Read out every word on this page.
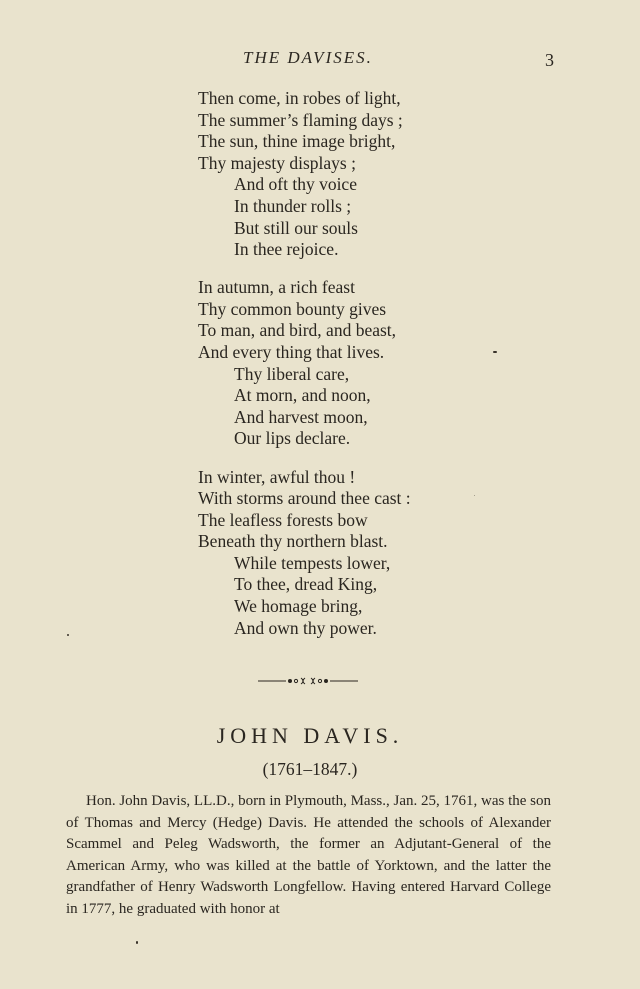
THE DAVISES.	3
Then come, in robes of light,
The summer’s flaming days ;
The sun, thine image bright,
Thy majesty displays ;
And oft thy voice
In thunder rolls ;
But still our souls
In thee rejoice.
In autumn, a rich feast
Thy common bounty gives
To man, and bird, and beast,
And every thing that lives.
Thy liberal care,
At morn, and noon,
And harvest moon,
Our lips declare.
In winter, awful thou !
With storms around thee cast :
The leafless forests bow
Beneath thy northern blast.
While tempests lower,
To thee, dread King,
We homage bring,
And own thy power.
JOHN DAVIS.
(1761–1847.)
Hon. John Davis, LL.D., born in Plymouth, Mass., Jan. 25, 1761, was the son of Thomas and Mercy (Hedge) Davis. He attended the schools of Alexander Scammel and Peleg Wadsworth, the former an Adjutant-General of the American Army, who was killed at the battle of Yorktown, and the latter the grandfather of Henry Wadsworth Longfellow. Having entered Harvard College in 1777, he graduated with honor at
